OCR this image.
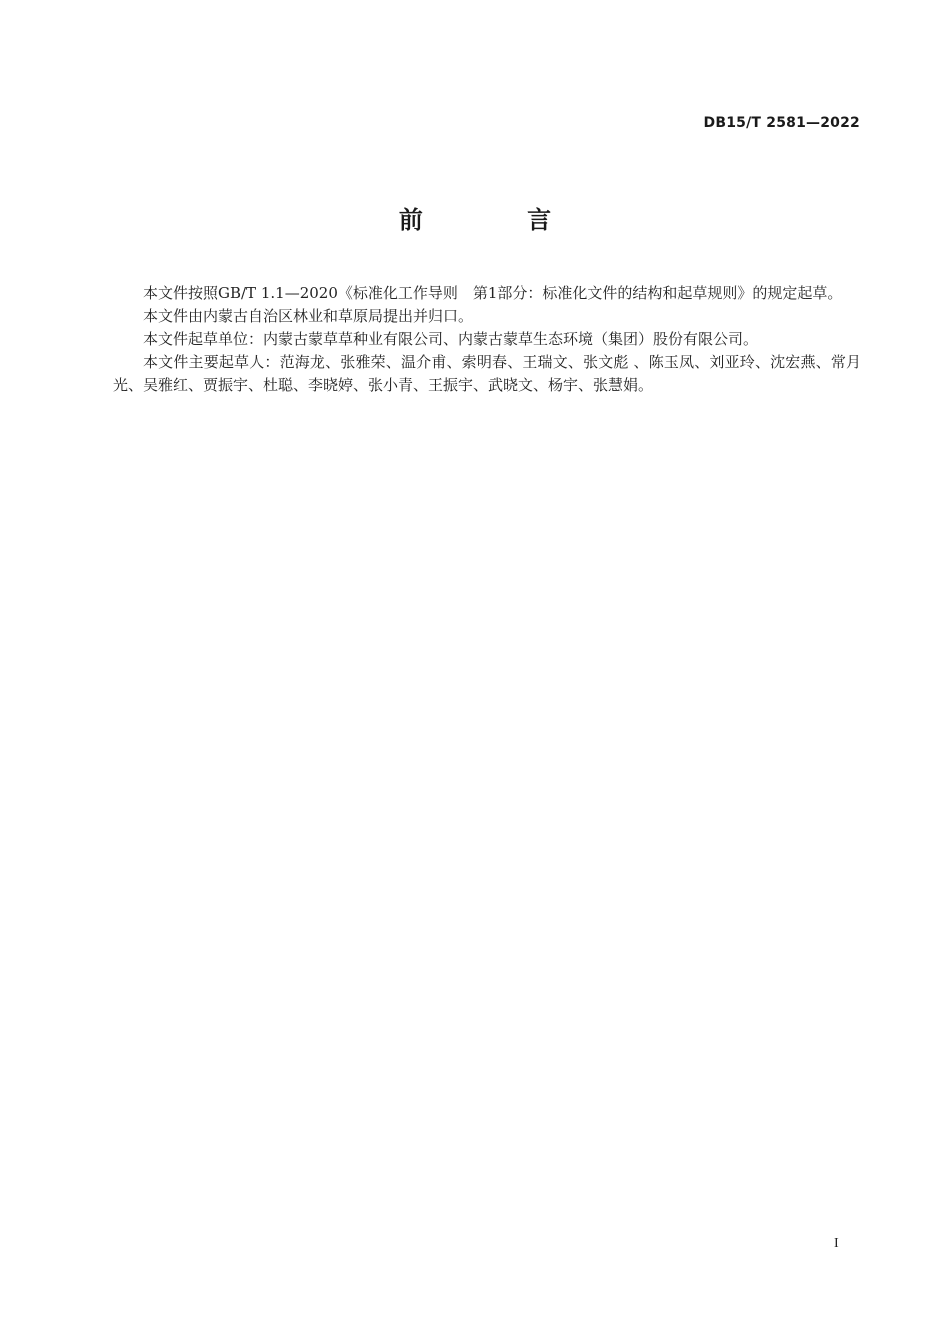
DB15/T 2581—2022
前 言

本文件按照GB/T 1.1—2020《标准化工作导则　第1部分：标准化文件的结构和起草规则》的规定起草。

本文件由内蒙古自治区林业和草原局提出并归口。

本文件起草单位：内蒙古蒙草草种业有限公司、内蒙古蒙草生态环境（集团）股份有限公司。

本文件主要起草人：范海龙、张雅荣、温介甫、索明春、王瑞文、张文彪 、陈玉凤、刘亚玲、沈宏燕、常月光、吴雅红、贾振宇、杜聪、李晓婷、张小青、王振宇、武晓文、杨宇、张慧娟。

I
